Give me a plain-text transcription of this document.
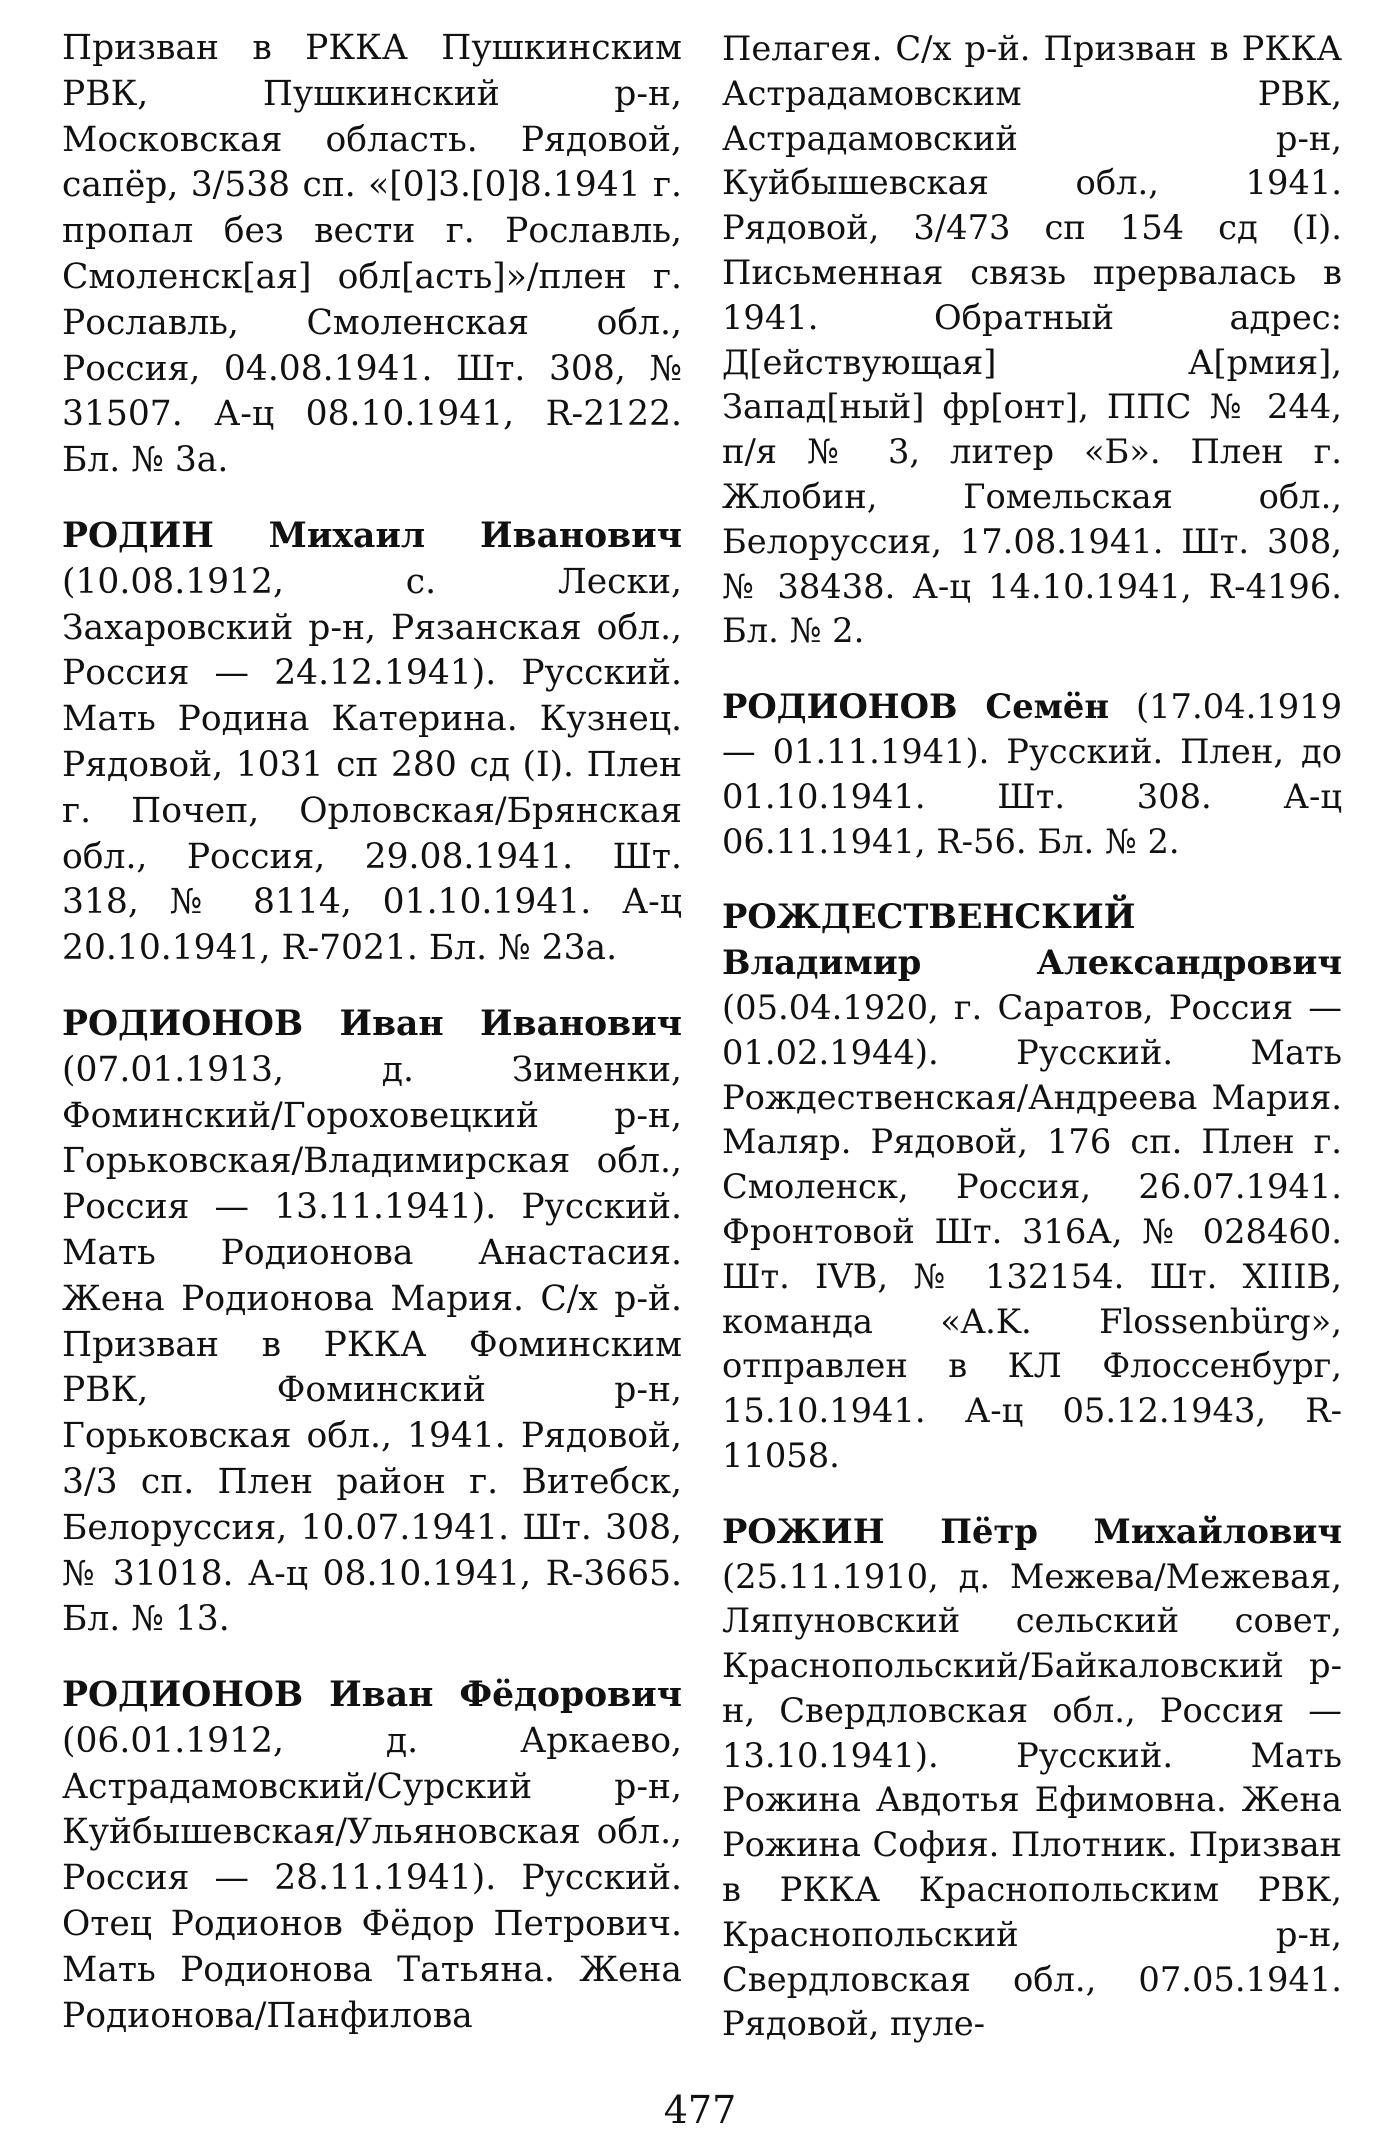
Призван в РККА Пушкинским РВК, Пушкинский р-н, Московская область. Рядовой, сапёр, 3/538 сп. «[0]3.[0]8.1941 г. пропал без вести г. Рославль, Смоленск[ая] обл[асть]»/плен г. Рославль, Смоленская обл., Россия, 04.08.1941. Шт. 308, № 31507. А-ц 08.10.1941, R-2122. Бл. № 3а.

РОДИН Михаил Иванович (10.08.1912, с. Лески, Захаровский р-н, Рязанская обл., Россия — 24.12.1941). Русский. Мать Родина Катерина. Кузнец. Рядовой, 1031 сп 280 сд (I). Плен г. Почеп, Орловская/Брянская обл., Россия, 29.08.1941. Шт. 318, № 8114, 01.10.1941. А-ц 20.10.1941, R-7021. Бл. № 23а.

РОДИОНОВ Иван Иванович (07.01.1913, д. Зименки, Фоминский/Гороховецкий р-н, Горьковская/Владимирская обл., Россия — 13.11.1941). Русский. Мать Родионова Анастасия. Жена Родионова Мария. С/х р-й. Призван в РККА Фоминским РВК, Фоминский р-н, Горьковская обл., 1941. Рядовой, 3/3 сп. Плен район г. Витебск, Белоруссия, 10.07.1941. Шт. 308, № 31018. А-ц 08.10.1941, R-3665. Бл. № 13.

РОДИОНОВ Иван Фёдорович (06.01.1912, д. Аркаево, Астрадамовский/Сурский р-н, Куйбышевская/Ульяновская обл., Россия — 28.11.1941). Русский. Отец Родионов Фёдор Петрович. Мать Родионова Татьяна. Жена Родионова/Панфилова

Пелагея. С/х р-й. Призван в РККА Астрадамовским РВК, Астрадамовский р-н, Куйбышевская обл., 1941. Рядовой, 3/473 сп 154 сд (I). Письменная связь прервалась в 1941. Обратный адрес: Д[ействующая] А[рмия], Запад[ный] фр[онт], ППС № 244, п/я № 3, литер «Б». Плен г. Жлобин, Гомельская обл., Белоруссия, 17.08.1941. Шт. 308, № 38438. А-ц 14.10.1941, R-4196. Бл. № 2.

РОДИОНОВ Семён (17.04.1919 — 01.11.1941). Русский. Плен, до 01.10.1941. Шт. 308. А-ц 06.11.1941, R-56. Бл. № 2.

РОЖДЕСТВЕНСКИЙ Владимир Александрович (05.04.1920, г. Саратов, Россия — 01.02.1944). Русский. Мать Рождественская/Андреева Мария. Маляр. Рядовой, 176 сп. Плен г. Смоленск, Россия, 26.07.1941. Фронтовой Шт. 316А, № 028460. Шт. IVB, № 132154. Шт. XIIIB, команда «A.K. Flossenbürg», отправлен в КЛ Флоссенбург, 15.10.1941. А-ц 05.12.1943, R-11058.

РОЖИН Пётр Михайлович (25.11.1910, д. Межева/Межевая, Ляпуновский сельский совет, Краснопольский/Байкаловский р-н, Свердловская обл., Россия — 13.10.1941). Русский. Мать Рожина Авдотья Ефимовна. Жена Рожина София. Плотник. Призван в РККА Краснопольским РВК, Краснопольский р-н, Свердловская обл., 07.05.1941. Рядовой, пуле-

477
